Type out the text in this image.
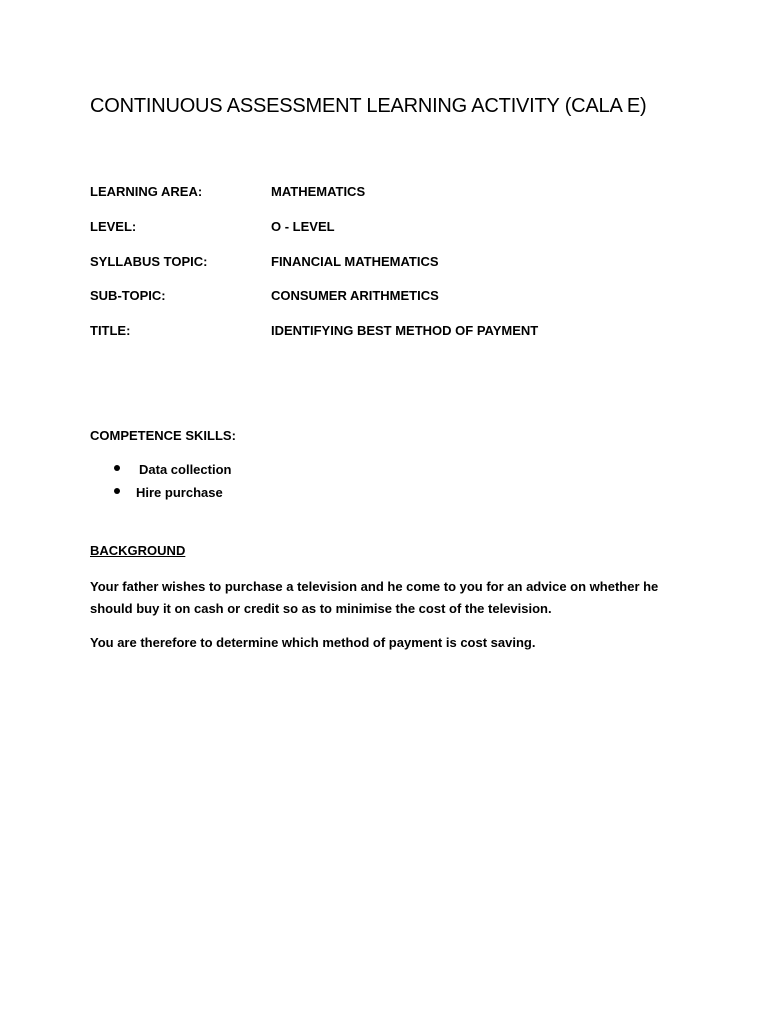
CONTINUOUS ASSESSMENT LEARNING ACTIVITY (CALA E)
LEARNING AREA:	MATHEMATICS
LEVEL:	O - LEVEL
SYLLABUS TOPIC:	FINANCIAL MATHEMATICS
SUB-TOPIC:	CONSUMER ARITHMETICS
TITLE:	IDENTIFYING BEST METHOD OF PAYMENT
COMPETENCE SKILLS:
Data collection
Hire purchase
BACKGROUND

Your father wishes to purchase a television and he come to you for an advice on whether he should buy it on cash or credit so as to minimise the cost of the television.

You are therefore to determine which method of payment is cost saving.
